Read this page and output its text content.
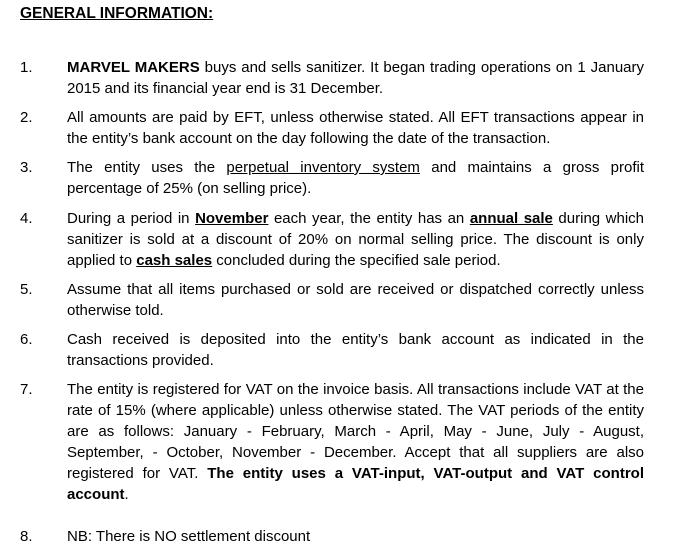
GENERAL INFORMATION:
1. MARVEL MAKERS buys and sells sanitizer. It began trading operations on 1 January 2015 and its financial year end is 31 December.
2. All amounts are paid by EFT, unless otherwise stated. All EFT transactions appear in the entity’s bank account on the day following the date of the transaction.
3. The entity uses the perpetual inventory system and maintains a gross profit percentage of 25% (on selling price).
4. During a period in November each year, the entity has an annual sale during which sanitizer is sold at a discount of 20% on normal selling price. The discount is only applied to cash sales concluded during the specified sale period.
5. Assume that all items purchased or sold are received or dispatched correctly unless otherwise told.
6. Cash received is deposited into the entity’s bank account as indicated in the transactions provided.
7. The entity is registered for VAT on the invoice basis. All transactions include VAT at the rate of 15% (where applicable) unless otherwise stated. The VAT periods of the entity are as follows: January - February, March - April, May - June, July - August, September, - October, November - December. Accept that all suppliers are also registered for VAT. The entity uses a VAT-input, VAT-output and VAT control account.
8. NB: There is NO settlement discount
